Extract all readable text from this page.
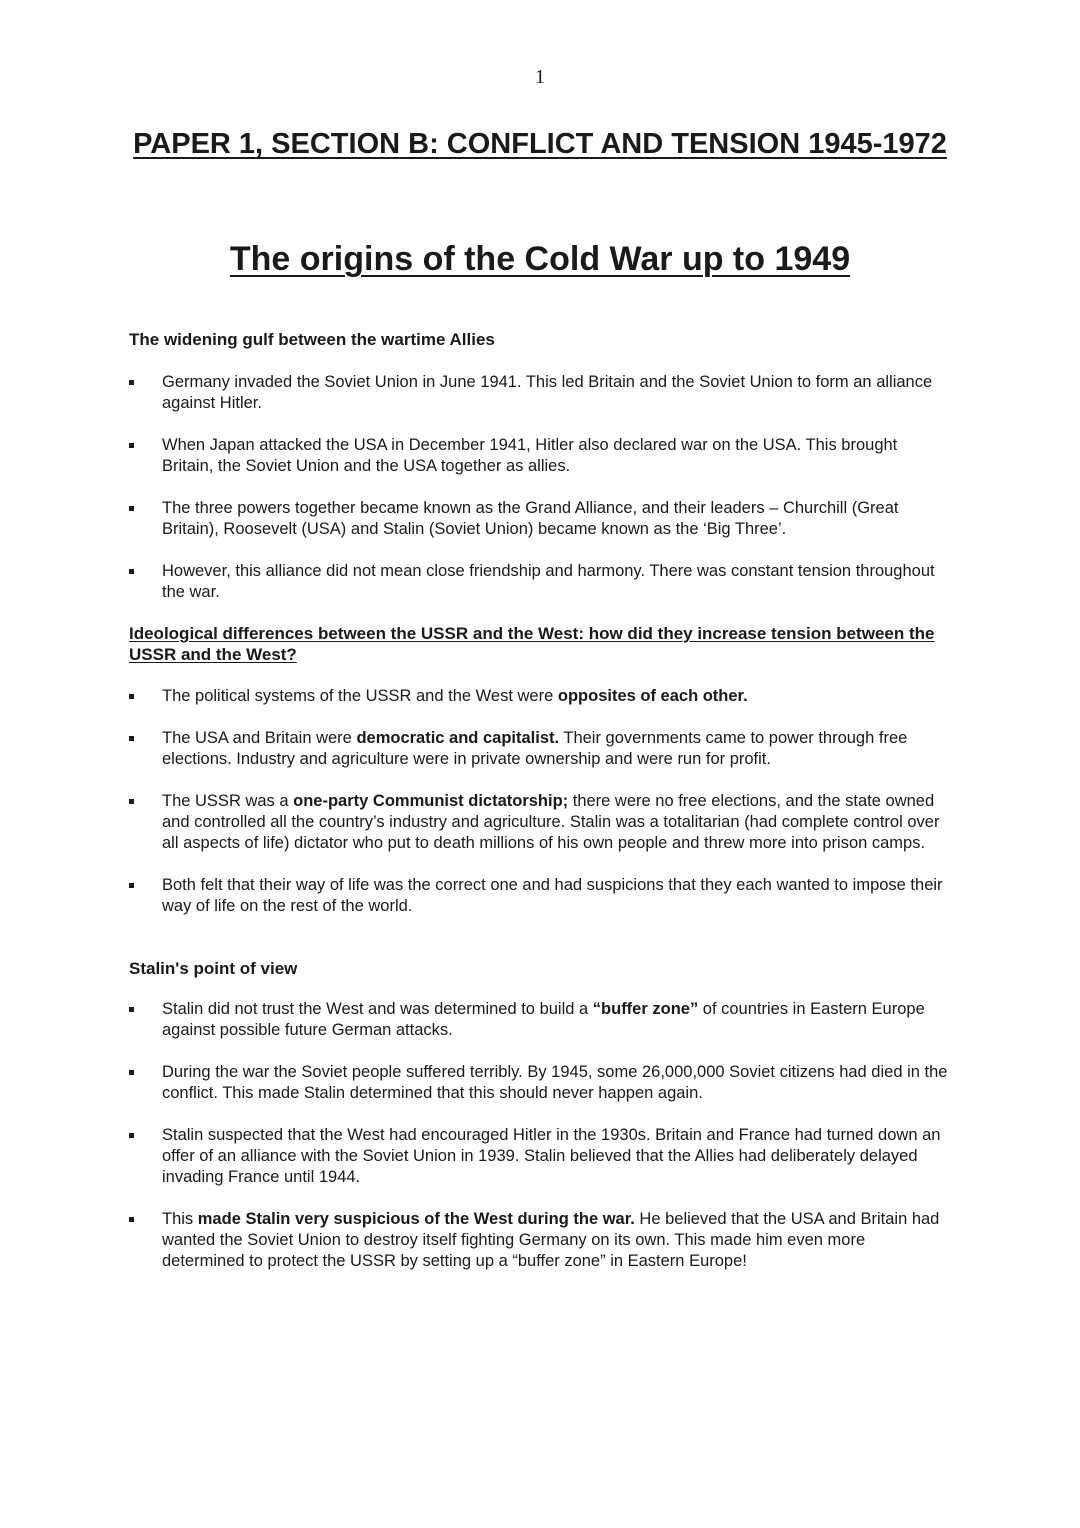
1
PAPER 1, SECTION B: CONFLICT AND TENSION 1945-1972
The origins of the Cold War up to 1949
The widening gulf between the wartime Allies
Germany invaded the Soviet Union in June 1941. This led Britain and the Soviet Union to form an alliance against Hitler.
When Japan attacked the USA in December 1941, Hitler also declared war on the USA. This brought Britain, the Soviet Union and the USA together as allies.
The three powers together became known as the Grand Alliance, and their leaders – Churchill (Great Britain), Roosevelt (USA) and Stalin (Soviet Union) became known as the ‘Big Three’.
However, this alliance did not mean close friendship and harmony. There was constant tension throughout the war.
Ideological differences between the USSR and the West: how did they increase tension between the USSR and the West?
The political systems of the USSR and the West were opposites of each other.
The USA and Britain were democratic and capitalist. Their governments came to power through free elections. Industry and agriculture were in private ownership and were run for profit.
The USSR was a one-party Communist dictatorship; there were no free elections, and the state owned and controlled all the country’s industry and agriculture. Stalin was a totalitarian (had complete control over all aspects of life) dictator who put to death millions of his own people and threw more into prison camps.
Both felt that their way of life was the correct one and had suspicions that they each wanted to impose their way of life on the rest of the world.
Stalin's point of view
Stalin did not trust the West and was determined to build a “buffer zone” of countries in Eastern Europe against possible future German attacks.
During the war the Soviet people suffered terribly. By 1945, some 26,000,000 Soviet citizens had died in the conflict. This made Stalin determined that this should never happen again.
Stalin suspected that the West had encouraged Hitler in the 1930s. Britain and France had turned down an offer of an alliance with the Soviet Union in 1939. Stalin believed that the Allies had deliberately delayed invading France until 1944.
This made Stalin very suspicious of the West during the war. He believed that the USA and Britain had wanted the Soviet Union to destroy itself fighting Germany on its own. This made him even more determined to protect the USSR by setting up a “buffer zone” in Eastern Europe!
